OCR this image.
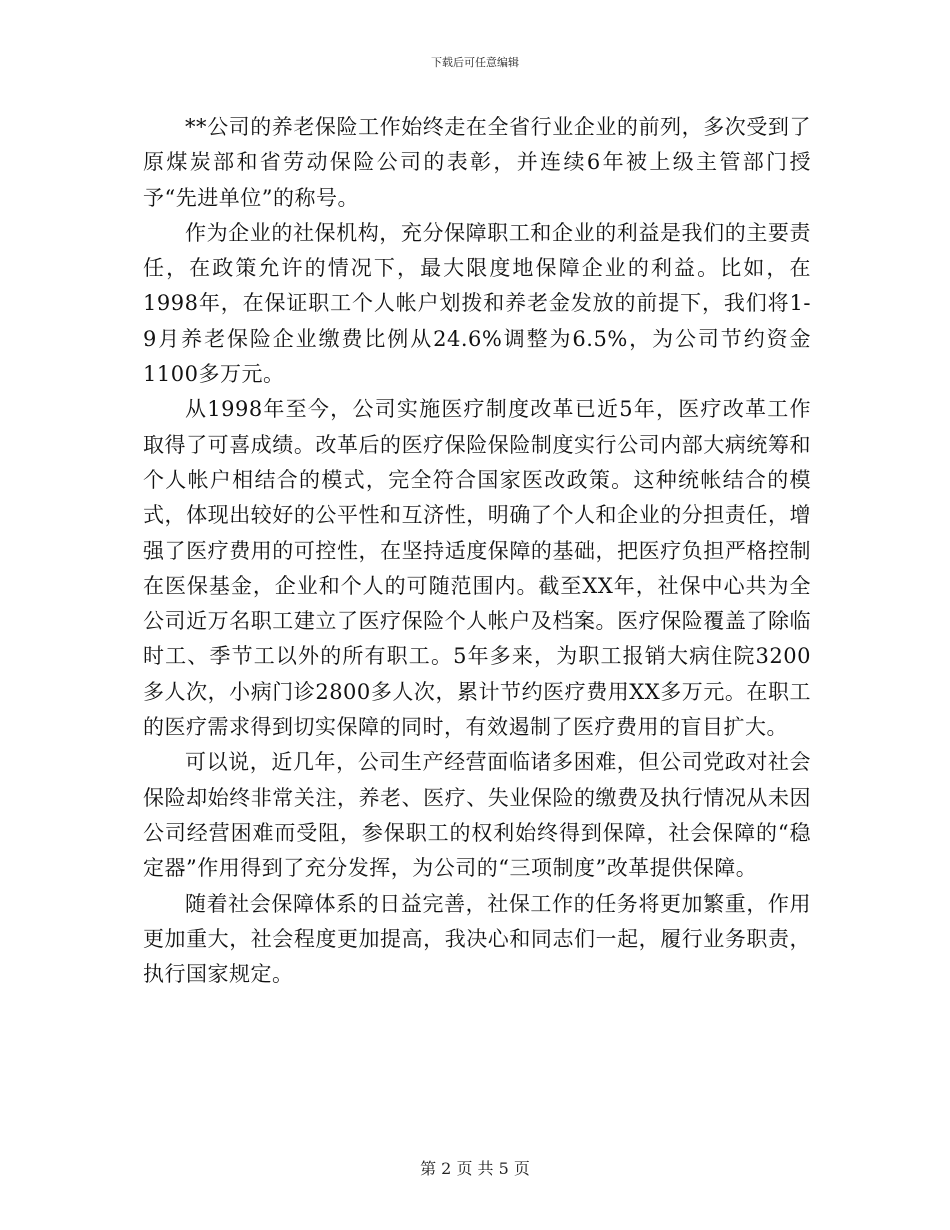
下载后可任意编辑

**公司的养老保险工作始终走在全省行业企业的前列，多次受到了原煤炭部和省劳动保险公司的表彰，并连续6年被上级主管部门授予“先进单位”的称号。

作为企业的社保机构，充分保障职工和企业的利益是我们的主要责任，在政策允许的情况下，最大限度地保障企业的利益。比如，在1998年，在保证职工个人帐户划拨和养老金发放的前提下，我们将1-9月养老保险企业缴费比例从24.6%调整为6.5%，为公司节约资金1100多万元。

从1998年至今，公司实施医疗制度改革已近5年，医疗改革工作取得了可喜成绩。改革后的医疗保险保险制度实行公司内部大病统筹和个人帐户相结合的模式，完全符合国家医改政策。这种统帐结合的模式，体现出较好的公平性和互济性，明确了个人和企业的分担责任，增强了医疗费用的可控性，在坚持适度保障的基础，把医疗负担严格控制在医保基金，企业和个人的可随范围内。截至XX年，社保中心共为全公司近万名职工建立了医疗保险个人帐户及档案。医疗保险覆盖了除临时工、季节工以外的所有职工。5年多来，为职工报销大病住院3200多人次，小病门诊2800多人次，累计节约医疗费用XX多万元。在职工的医疗需求得到切实保障的同时，有效遏制了医疗费用的盲目扩大。

可以说，近几年，公司生产经营面临诸多困难，但公司党政对社会保险却始终非常关注，养老、医疗、失业保险的缴费及执行情况从未因公司经营困难而受阻，参保职工的权利始终得到保障，社会保障的“稳定器”作用得到了充分发挥，为公司的“三项制度”改革提供保障。

随着社会保障体系的日益完善，社保工作的任务将更加繁重，作用更加重大，社会程度更加提高，我决心和同志们一起，履行业务职责，执行国家规定。

第 2 页 共 5 页
